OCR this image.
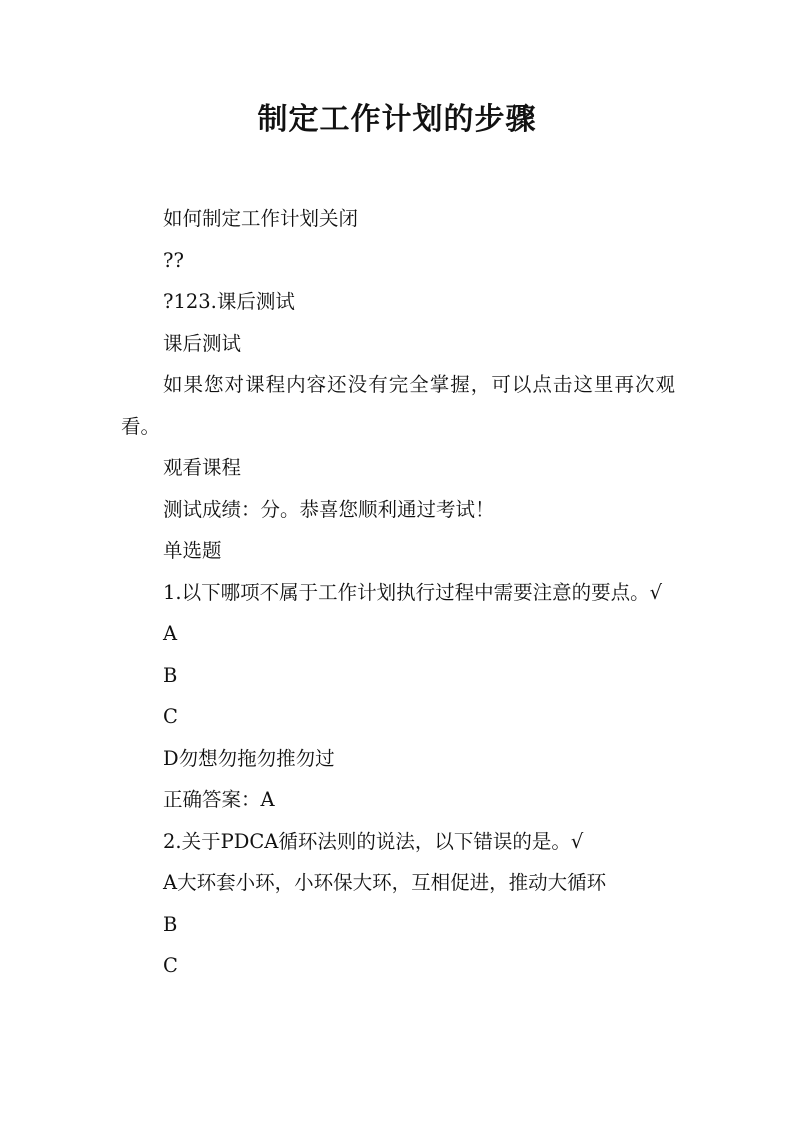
制定工作计划的步骤

如何制定工作计划关闭

??

?123.课后测试

课后测试

如果您对课程内容还没有完全掌握，可以点击这里再次观看。

观看课程

测试成绩：分。恭喜您顺利通过考试！

单选题

1.以下哪项不属于工作计划执行过程中需要注意的要点。√

A

B

C

D勿想勿拖勿推勿过

正确答案：A

2.关于PDCA循环法则的说法，以下错误的是。√

A大环套小环，小环保大环，互相促进，推动大循环

B

C
